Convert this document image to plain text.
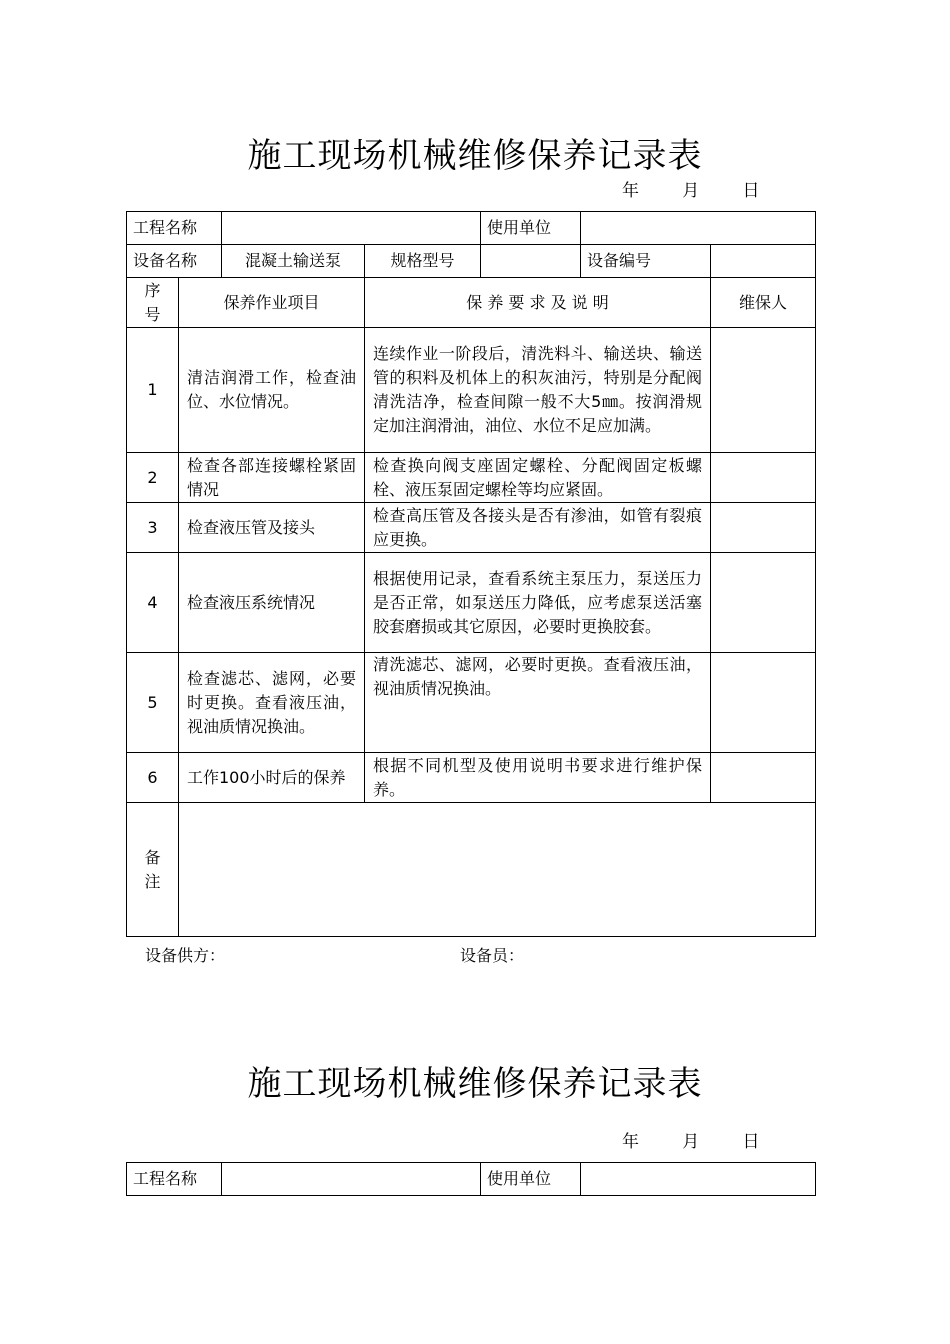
施工现场机械维修保养记录表
年	月	日
工程名称				使用单位		
设备名称		混凝土输送泵	规格型号		设备编号	
序号	保养作业项目		保 养 要 求 及 说 明			维保人
1	清洁润滑工作，检查油位、水位情况。		连续作业一阶段后，清洗料斗、输送块、输送管的积料及机体上的积灰油污，特别是分配阀清洗洁净，检查间隙一般不大5㎜。按润滑规定加注润滑油，油位、水位不足应加满。			
2	检查各部连接螺栓紧固情况		检查换向阀支座固定螺栓、分配阀固定板螺栓、液压泵固定螺栓等均应紧固。			
3	检查液压管及接头		检查高压管及各接头是否有渗油，如管有裂痕应更换。			
4	检查液压系统情况		根据使用记录，查看系统主泵压力，泵送压力是否正常，如泵送压力降低，应考虑泵送活塞胶套磨损或其它原因，必要时更换胶套。			
5	检查滤芯、滤网，必要时更换。查看液压油，视油质情况换油。		清洗滤芯、滤网，必要时更换。查看液压油，视油质情况换油。			
6	工作100小时后的保养		根据不同机型及使用说明书要求进行维护保养。			
备注						
设备供方：	设备员：
施工现场机械维修保养记录表
年	月	日
工程名称		使用单位	
